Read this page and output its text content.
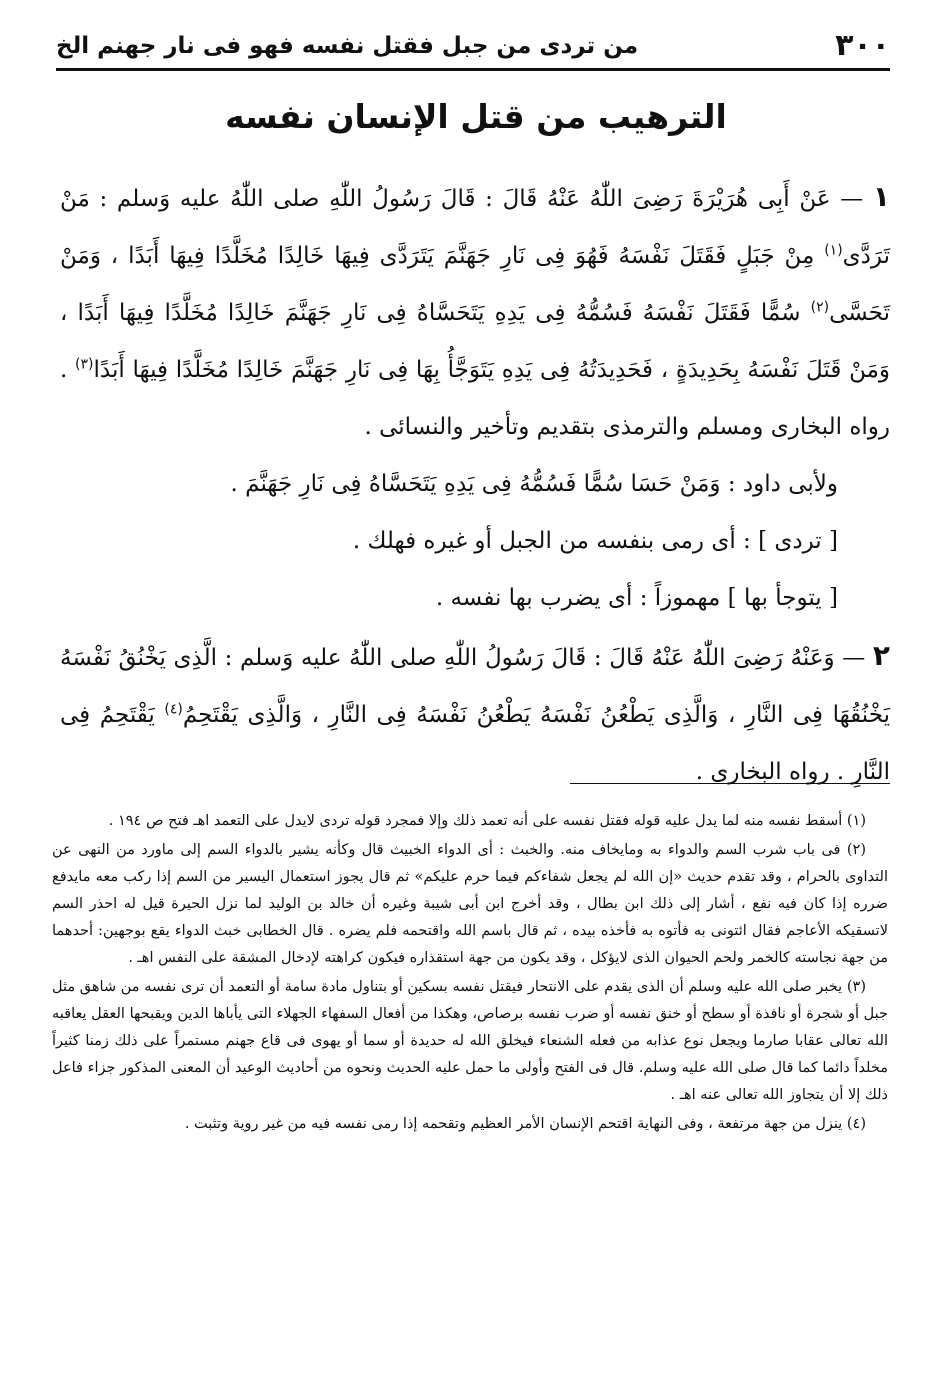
٣٠٠
من تردى من جبل فقتل نفسه فهو فى نار جهنم الخ
الترهيب من قتل الإنسان نفسه

١ — عَنْ أَبِى هُرَيْرَةَ رَضِىَ اللّٰهُ عَنْهُ قَالَ : قَالَ رَسُولُ اللّٰهِ صلى اللّٰهُ عليه وَسلم : مَنْ تَرَدَّى$^{(١)}$ مِنْ جَبَلٍ فَقَتَلَ نَفْسَهُ فَهُوَ فِى نَارِ جَهَنَّمَ يَتَرَدَّى فِيهَا خَالِدًا مُخَلَّدًا فِيهَا أَبَدًا ، وَمَنْ تَحَسَّى$^{(٢)}$ سُمًّا فَقَتَلَ نَفْسَهُ فَسُمُّهُ فِى يَدِهِ يَتَحَسَّاهُ فِى نَارِ جَهَنَّمَ خَالِدًا مُخَلَّدًا فِيهَا أَبَدًا ، وَمَنْ قَتَلَ نَفْسَهُ بِحَدِيدَةٍ ، فَحَدِيدَتُهُ فِى يَدِهِ يَتَوَجَّأُ بِهَا فِى نَارِ جَهَنَّمَ خَالِدًا مُخَلَّدًا فِيهَا أَبَدًا$^{(٣)}$ . رواه البخارى ومسلم والترمذى بتقديم وتأخير والنسائى .

ولأبى داود : وَمَنْ حَسَا سُمًّا فَسُمُّهُ فِى يَدِهِ يَتَحَسَّاهُ فِى نَارِ جَهَنَّمَ .

[ تردى ] : أى رمى بنفسه من الجبل أو غيره فهلك .

[ يتوجأ بها ] مهموزاً : أى يضرب بها نفسه .

٢ — وَعَنْهُ رَضِىَ اللّٰهُ عَنْهُ قَالَ : قَالَ رَسُولُ اللّٰهِ صلى اللّٰهُ عليه وَسلم : الَّذِى يَخْنُقُ نَفْسَهُ يَخْنُقُهَا فِى النَّارِ ، وَالَّذِى يَطْعُنُ نَفْسَهُ يَطْعُنُ نَفْسَهُ فِى النَّارِ ، وَالَّذِى يَقْتَحِمُ$^{(٤)}$ يَقْتَحِمُ فِى النَّارِ . رواه البخارى .

(١) أسقط نفسه منه لما يدل عليه قوله فقتل نفسه على أنه تعمد ذلك وإلا فمجرد قوله تردى لايدل على التعمد اهـ فتح ص ١٩٤ .

(٢) فى باب شرب السم والدواء به ومايخاف منه. والخبث : أى الدواء الخبيث قال وكأنه يشير بالدواء السم إلى ماورد من النهى عن التداوى بالحرام ، وقد تقدم حديث «إن الله لم يجعل شفاءكم فيما حرم عليكم» ثم قال يجوز استعمال اليسير من السم إذا ركب معه مايدفع ضرره إذا كان فيه نفع ، أشار إلى ذلك ابن بطال ، وقد أخرج ابن أبى شيبة وغيره أن خالد بن الوليد لما نزل الحيرة قيل له احذر السم لاتسقيكه الأعاجم فقال ائتونى به فأتوه به فأخذه بيده ، ثم قال باسم الله واقتحمه فلم يضره . قال الخطابى خبث الدواء يقع بوجهين: أحدهما من جهة نجاسته كالخمر ولحم الحيوان الذى لايؤكل ، وقد يكون من جهة استقذاره فيكون كراهته لإدخال المشقة على النفس اهـ .

(٣) يخبر صلى الله عليه وسلم أن الذى يقدم على الانتحار فيقتل نفسه بسكين أو بتناول مادة سامة أو التعمد أن ترى نفسه من شاهق مثل جبل أو شجرة أو نافذة أو سطح أو خنق نفسه أو ضرب نفسه برصاص، وهكذا من أفعال السفهاء الجهلاء التى يأباها الدين ويقبحها العقل يعاقبه الله تعالى عقابا صارما ويجعل نوع عذابه من فعله الشنعاء فيخلق الله له حديدة أو سما أو يهوى فى قاع جهنم مستمراً على ذلك زمنا كثيراً مخلداً دائما كما قال صلى الله عليه وسلم. قال فى الفتح وأولى ما حمل عليه الحديث ونحوه من أحاديث الوعيد أن المعنى المذكور جزاء فاعل ذلك إلا أن يتجاوز الله تعالى عنه اهـ .

(٤) ينزل من جهة مرتفعة ، وفى النهاية اقتحم الإنسان الأمر العظيم وتقحمه إذا رمى نفسه فيه من غير روية وتثبت .
